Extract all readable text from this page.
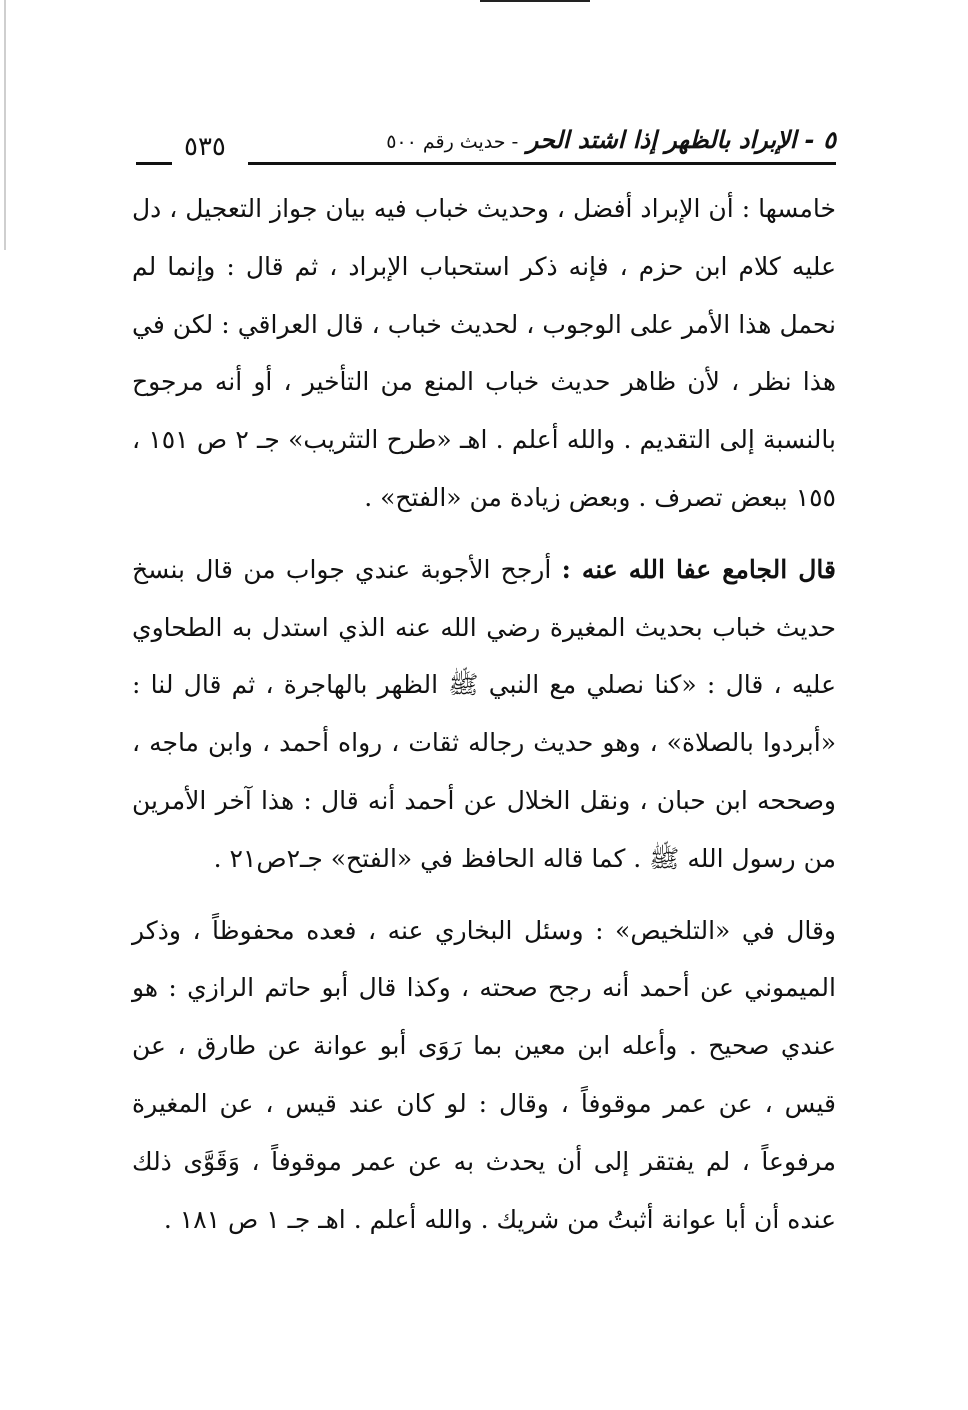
٥ - الإبراد بالظهر إذا اشتد الحر - حديث رقم ٥٠٠
٥٣٥

خامسها : أن الإبراد أفضل ، وحديث خباب فيه بيان جواز التعجيل ، دل عليه كلام ابن حزم ، فإنه ذكر استحباب الإبراد ، ثم قال : وإنما لم نحمل هذا الأمر على الوجوب ، لحديث خباب ، قال العراقي : لكن في هذا نظر ، لأن ظاهر حديث خباب المنع من التأخير ، أو أنه مرجوح بالنسبة إلى التقديم . والله أعلم . اهـ «طرح التثريب» جـ ٢ ص ١٥١ ، ١٥٥ ببعض تصرف . وبعض زيادة من «الفتح» .

قال الجامع عفا الله عنه : أرجح الأجوبة عندي جواب من قال بنسخ حديث خباب بحديث المغيرة رضي الله عنه الذي استدل به الطحاوي عليه ، قال : «كنا نصلي مع النبي ﷺ الظهر بالهاجرة ، ثم قال لنا : «أبردوا بالصلاة» ، وهو حديث رجاله ثقات ، رواه أحمد ، وابن ماجه ، وصححه ابن حبان ، ونقل الخلال عن أحمد أنه قال : هذا آخر الأمرين من رسول الله ﷺ . كما قاله الحافظ في «الفتح» جـ٢ص٢١ .

وقال في «التلخيص» : وسئل البخاري عنه ، فعده محفوظاً ، وذكر الميموني عن أحمد أنه رجح صحته ، وكذا قال أبو حاتم الرازي : هو عندي صحيح . وأعله ابن معين بما رَوَى أبو عوانة عن طارق ، عن قيس ، عن عمر موقوفاً ، وقال : لو كان عند قيس ، عن المغيرة مرفوعاً ، لم يفتقر إلى أن يحدث به عن عمر موقوفاً ، وَقَوَّى ذلك عنده أن أبا عوانة أثبتُ من شريك . والله أعلم . اهـ جـ ١ ص ١٨١ .
